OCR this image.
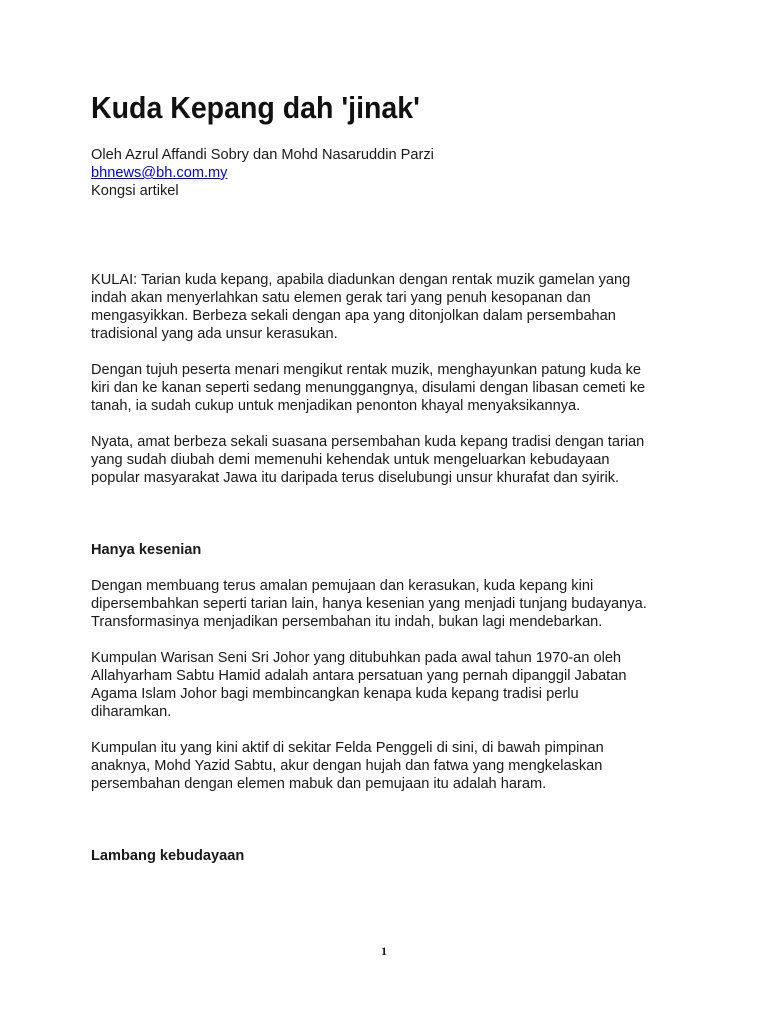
Kuda Kepang dah 'jinak'
Oleh Azrul Affandi Sobry dan Mohd Nasaruddin Parzi
bhnews@bh.com.my
Kongsi artikel

KULAI: Tarian kuda kepang, apabila diadunkan dengan rentak muzik gamelan yang
indah akan menyerlahkan satu elemen gerak tari yang penuh kesopanan dan
mengasyikkan. Berbeza sekali dengan apa yang ditonjolkan dalam persembahan
tradisional yang ada unsur kerasukan.

Dengan tujuh peserta menari mengikut rentak muzik, menghayunkan patung kuda ke
kiri dan ke kanan seperti sedang menunggangnya, disulami dengan libasan cemeti ke
tanah, ia sudah cukup untuk menjadikan penonton khayal menyaksikannya.

Nyata, amat berbeza sekali suasana persembahan kuda kepang tradisi dengan tarian
yang sudah diubah demi memenuhi kehendak untuk mengeluarkan kebudayaan
popular masyarakat Jawa itu daripada terus diselubungi unsur khurafat dan syirik.

Hanya kesenian

Dengan membuang terus amalan pemujaan dan kerasukan, kuda kepang kini
dipersembahkan seperti tarian lain, hanya kesenian yang menjadi tunjang budayanya.
Transformasinya menjadikan persembahan itu indah, bukan lagi mendebarkan.

Kumpulan Warisan Seni Sri Johor yang ditubuhkan pada awal tahun 1970-an oleh
Allahyarham Sabtu Hamid adalah antara persatuan yang pernah dipanggil Jabatan
Agama Islam Johor bagi membincangkan kenapa kuda kepang tradisi perlu
diharamkan.

Kumpulan itu yang kini aktif di sekitar Felda Penggeli di sini, di bawah pimpinan
anaknya, Mohd Yazid Sabtu, akur dengan hujah dan fatwa yang mengkelaskan
persembahan dengan elemen mabuk dan pemujaan itu adalah haram.

Lambang kebudayaan
1
